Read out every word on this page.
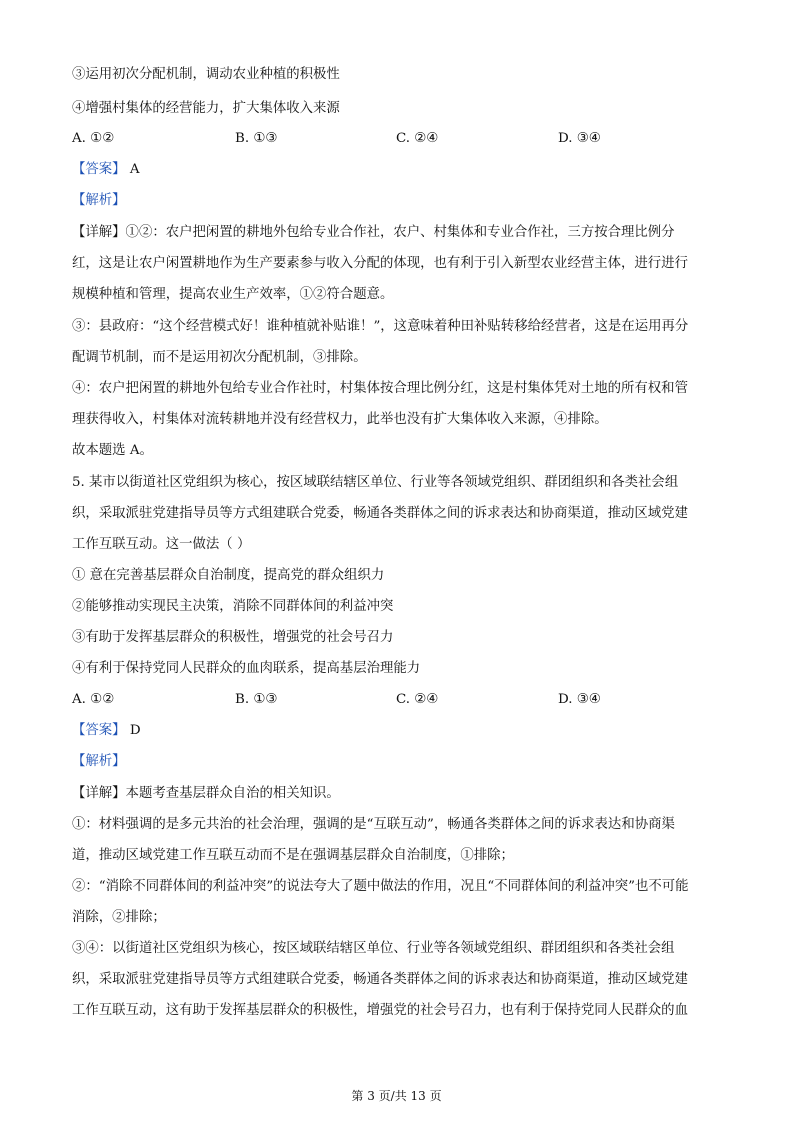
③运用初次分配机制，调动农业种植的积极性
④增强村集体的经营能力，扩大集体收入来源
A. ①②	B. ①③	C. ②④	D. ③④
【答案】 A
【解析】
【详解】①②：农户把闲置的耕地外包给专业合作社，农户、村集体和专业合作社，三方按合理比例分
红，这是让农户闲置耕地作为生产要素参与收入分配的体现，也有利于引入新型农业经营主体，进行进行
规模种植和管理，提高农业生产效率，①②符合题意。
③：县政府：“这个经营模式好！谁种植就补贴谁！”，这意味着种田补贴转移给经营者，这是在运用再分
配调节机制，而不是运用初次分配机制，③排除。
④：农户把闲置的耕地外包给专业合作社时，村集体按合理比例分红，这是村集体凭对土地的所有权和管
理获得收入，村集体对流转耕地并没有经营权力，此举也没有扩大集体收入来源，④排除。
故本题选 A。
5. 某市以街道社区党组织为核心，按区域联结辖区单位、行业等各领域党组织、群团组织和各类社会组
织，采取派驻党建指导员等方式组建联合党委，畅通各类群体之间的诉求表达和协商渠道，推动区域党建
工作互联互动。这一做法（ ）
① 意在完善基层群众自治制度，提高党的群众组织力
②能够推动实现民主决策，消除不同群体间的利益冲突
③有助于发挥基层群众的积极性，增强党的社会号召力
④有利于保持党同人民群众的血肉联系，提高基层治理能力
A. ①②	B. ①③	C. ②④	D. ③④
【答案】 D
【解析】
【详解】本题考查基层群众自治的相关知识。
①：材料强调的是多元共治的社会治理，强调的是“互联互动”，畅通各类群体之间的诉求表达和协商渠
道，推动区域党建工作互联互动而不是在强调基层群众自治制度，①排除；
②：“消除不同群体间的利益冲突”的说法夸大了题中做法的作用，况且“不同群体间的利益冲突”也不可能
消除，②排除；
③④：以街道社区党组织为核心，按区域联结辖区单位、行业等各领域党组织、群团组织和各类社会组
织，采取派驻党建指导员等方式组建联合党委，畅通各类群体之间的诉求表达和协商渠道，推动区域党建
工作互联互动，这有助于发挥基层群众的积极性，增强党的社会号召力，也有利于保持党同人民群众的血
第 3 页/共 13 页
